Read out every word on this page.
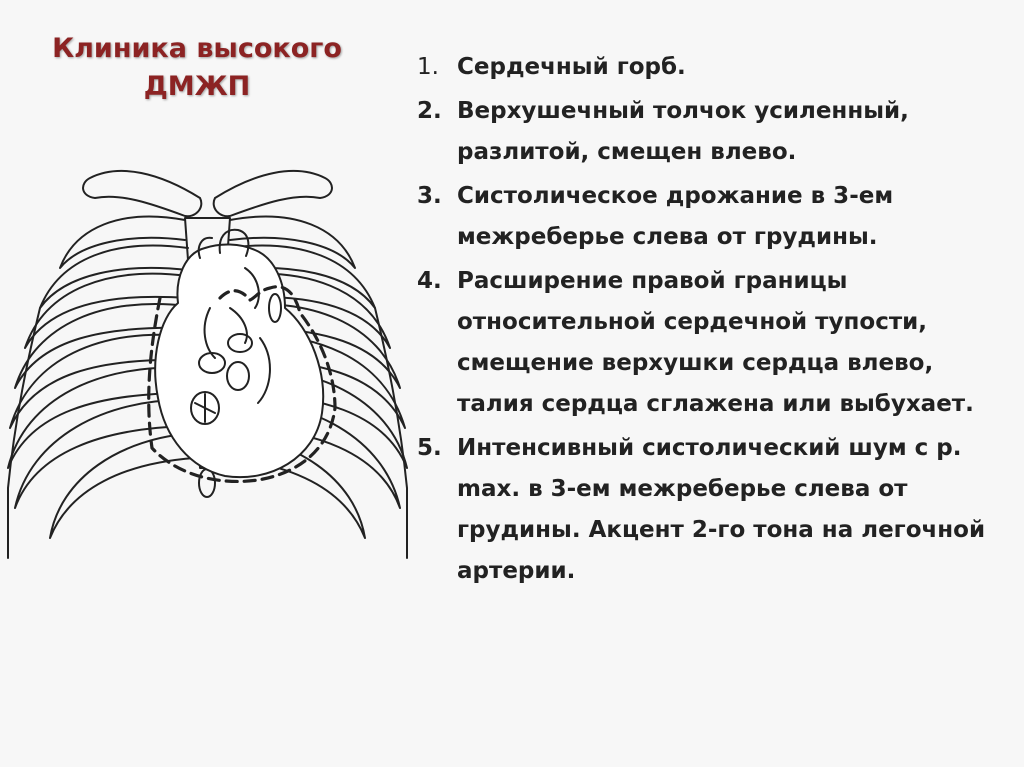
Клиника высокого
ДМЖП
1. Сердечный горб.
2. Верхушечный толчок усиленный, разлитой, смещен влево.
3. Систолическое дрожание в 3-ем межреберье слева от грудины.
4. Расширение правой границы относительной сердечной тупости, смещение верхушки сердца влево, талия сердца сглажена или выбухает.
5. Интенсивный систолический шум с p. max. в 3-ем межреберье слева от грудины. Акцент 2-го тона на легочной артерии.
